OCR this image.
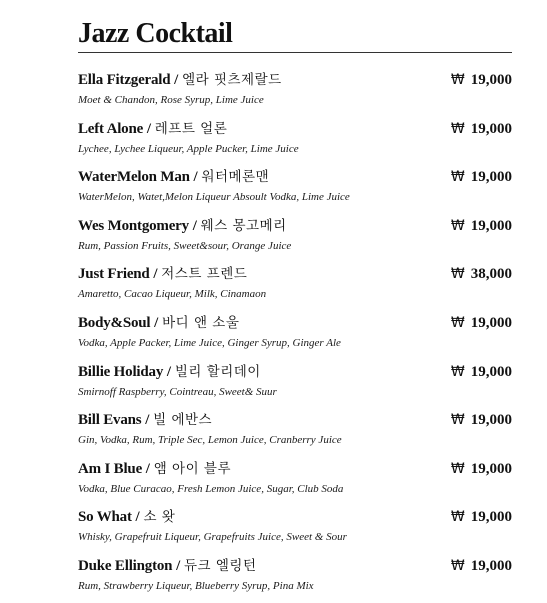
Jazz Cocktail
Ella Fitzgerald / 엘라 핏츠제랄드
Moet & Chandon, Rose Syrup, Lime Juice
₩ 19,000
Left Alone / 레프트 얼론
Lychee, Lychee Liqueur, Apple Pucker, Lime Juice
₩ 19,000
WaterMelon Man / 워터메론맨
WaterMelon, Watet,Melon Liqueur Absoult Vodka, Lime Juice
₩ 19,000
Wes Montgomery / 웨스 몽고메리
Rum, Passion Fruits, Sweet&sour, Orange Juice
₩ 19,000
Just Friend / 저스트 프렌드
Amaretto, Cacao Liqueur, Milk, Cinamaon
₩ 38,000
Body&Soul / 바디 앤 소울
Vodka, Apple Packer, Lime Juice, Ginger Syrup, Ginger Ale
₩ 19,000
Billie Holiday / 빌리 할리데이
Smirnoff Raspberry, Cointreau, Sweet& Suur
₩ 19,000
Bill Evans / 빌 에반스
Gin, Vodka, Rum, Triple Sec, Lemon Juice, Cranberry Juice
₩ 19,000
Am I Blue / 앰 아이 블루
Vodka, Blue Curacao, Fresh Lemon Juice, Sugar, Club Soda
₩ 19,000
So What / 소 왓
Whisky, Grapefruit Liqueur, Grapefruits Juice, Sweet & Sour
₩ 19,000
Duke Ellington / 듀크 엘링턴
Rum, Strawberry Liqueur, Blueberry Syrup, Pina Mix
₩ 19,000
